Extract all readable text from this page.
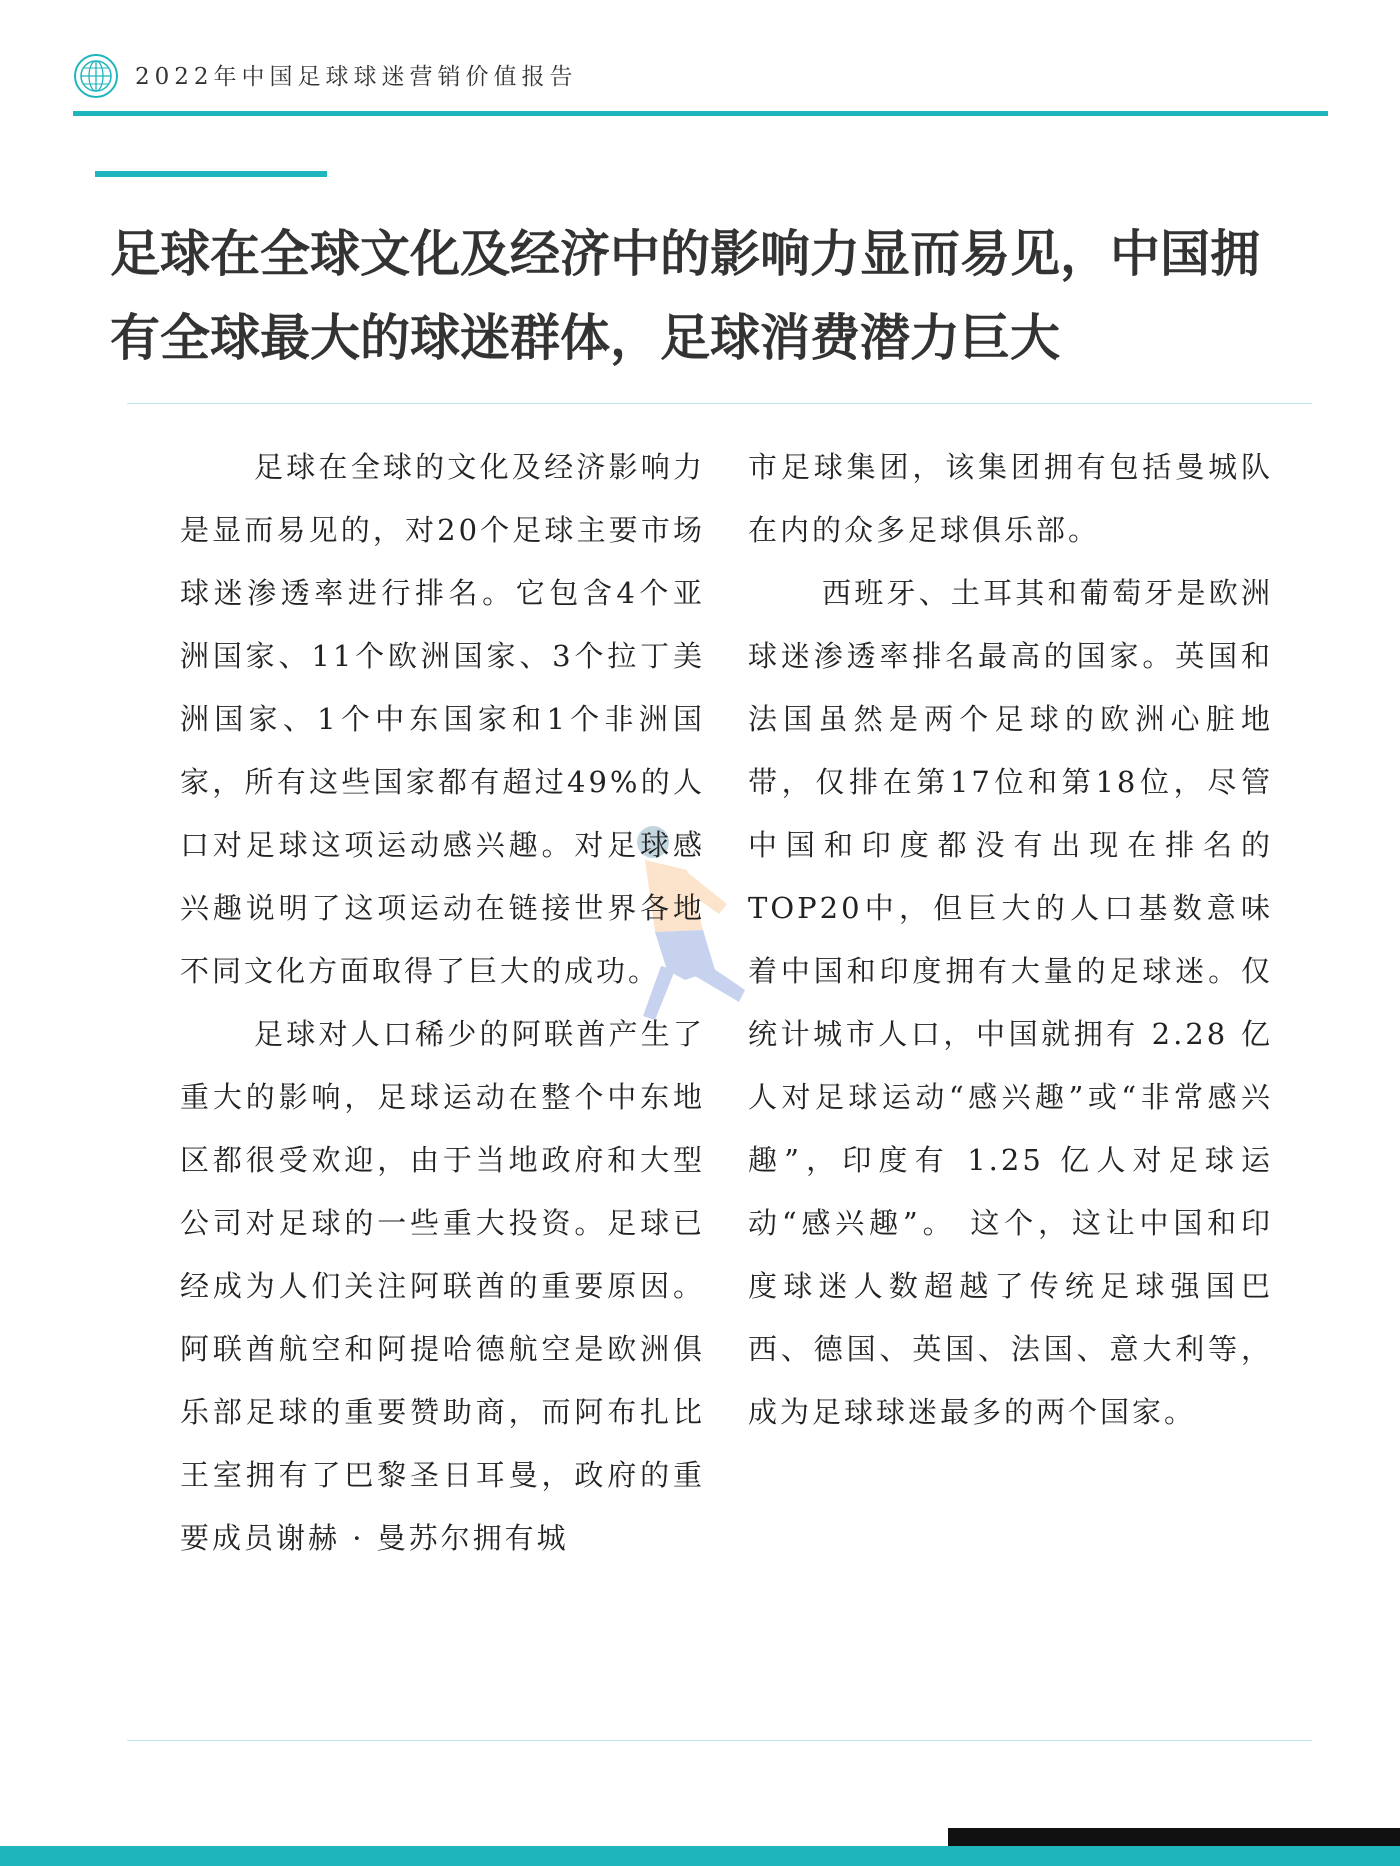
2022年中国足球球迷营销价值报告
足球在全球文化及经济中的影响力显而易见，中国拥
有全球最大的球迷群体，足球消费潜力巨大

足球在全球的文化及经济影响力是显而易见的，对20个足球主要市场球迷渗透率进行排名。它包含4个亚洲国家、11个欧洲国家、3个拉丁美洲国家、1个中东国家和1个非洲国家，所有这些国家都有超过49%的人口对足球这项运动感兴趣。对足球感兴趣说明了这项运动在链接世界各地不同文化方面取得了巨大的成功。

足球对人口稀少的阿联酋产生了重大的影响，足球运动在整个中东地区都很受欢迎，由于当地政府和大型公司对足球的一些重大投资。足球已经成为人们关注阿联酋的重要原因。阿联酋航空和阿提哈德航空是欧洲俱乐部足球的重要赞助商，而阿布扎比王室拥有了巴黎圣日耳曼，政府的重要成员谢赫 · 曼苏尔拥有城

市足球集团，该集团拥有包括曼城队在内的众多足球俱乐部。

西班牙、土耳其和葡萄牙是欧洲球迷渗透率排名最高的国家。英国和法国虽然是两个足球的欧洲心脏地带，仅排在第17位和第18位，尽管中国和印度都没有出现在排名的TOP20中，但巨大的人口基数意味着中国和印度拥有大量的足球迷。仅统计城市人口，中国就拥有 2.28 亿人对足球运动“感兴趣”或“非常感兴趣”，印度有 1.25 亿人对足球运动“感兴趣”。 这个，这让中国和印度球迷人数超越了传统足球强国巴西、德国、英国、法国、意大利等，成为足球球迷最多的两个国家。
